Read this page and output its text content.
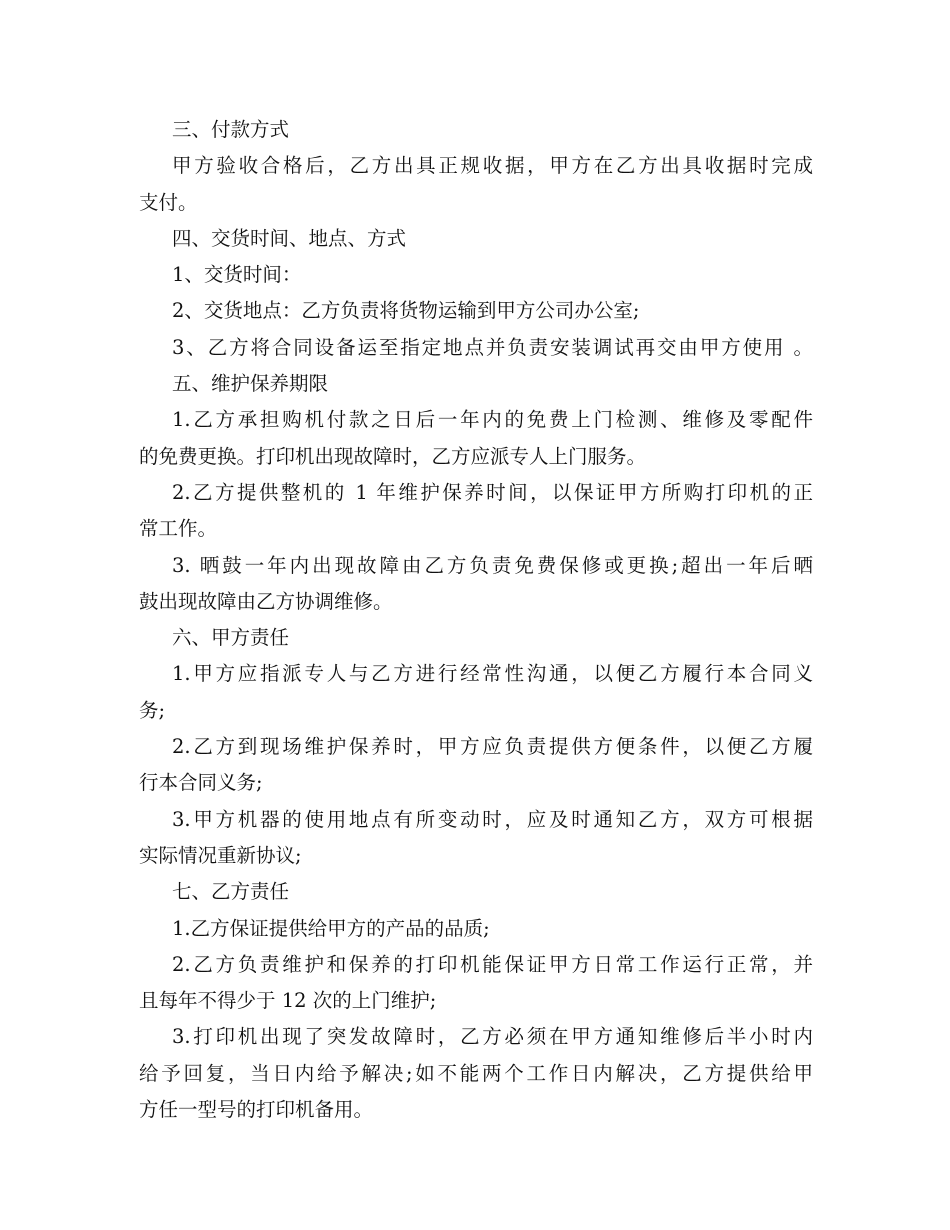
三、付款方式
甲方验收合格后，乙方出具正规收据，甲方在乙方出具收据时完成
支付。
四、交货时间、地点、方式
1、交货时间：
2、交货地点：乙方负责将货物运输到甲方公司办公室;
3、乙方将合同设备运至指定地点并负责安装调试再交由甲方使用 。
五、维护保养期限
1.乙方承担购机付款之日后一年内的免费上门检测、维修及零配件
的免费更换。打印机出现故障时，乙方应派专人上门服务。
2.乙方提供整机的 1 年维护保养时间，以保证甲方所购打印机的正
常工作。
3. 晒鼓一年内出现故障由乙方负责免费保修或更换;超出一年后晒
鼓出现故障由乙方协调维修。
六、甲方责任
1.甲方应指派专人与乙方进行经常性沟通，以便乙方履行本合同义
务;
2.乙方到现场维护保养时，甲方应负责提供方便条件，以便乙方履
行本合同义务;
3.甲方机器的使用地点有所变动时，应及时通知乙方，双方可根据
实际情况重新协议;
七、乙方责任
1.乙方保证提供给甲方的产品的品质;
2.乙方负责维护和保养的打印机能保证甲方日常工作运行正常，并
且每年不得少于 12 次的上门维护;
3.打印机出现了突发故障时，乙方必须在甲方通知维修后半小时内
给予回复，当日内给予解决;如不能两个工作日内解决，乙方提供给甲
方任一型号的打印机备用。
